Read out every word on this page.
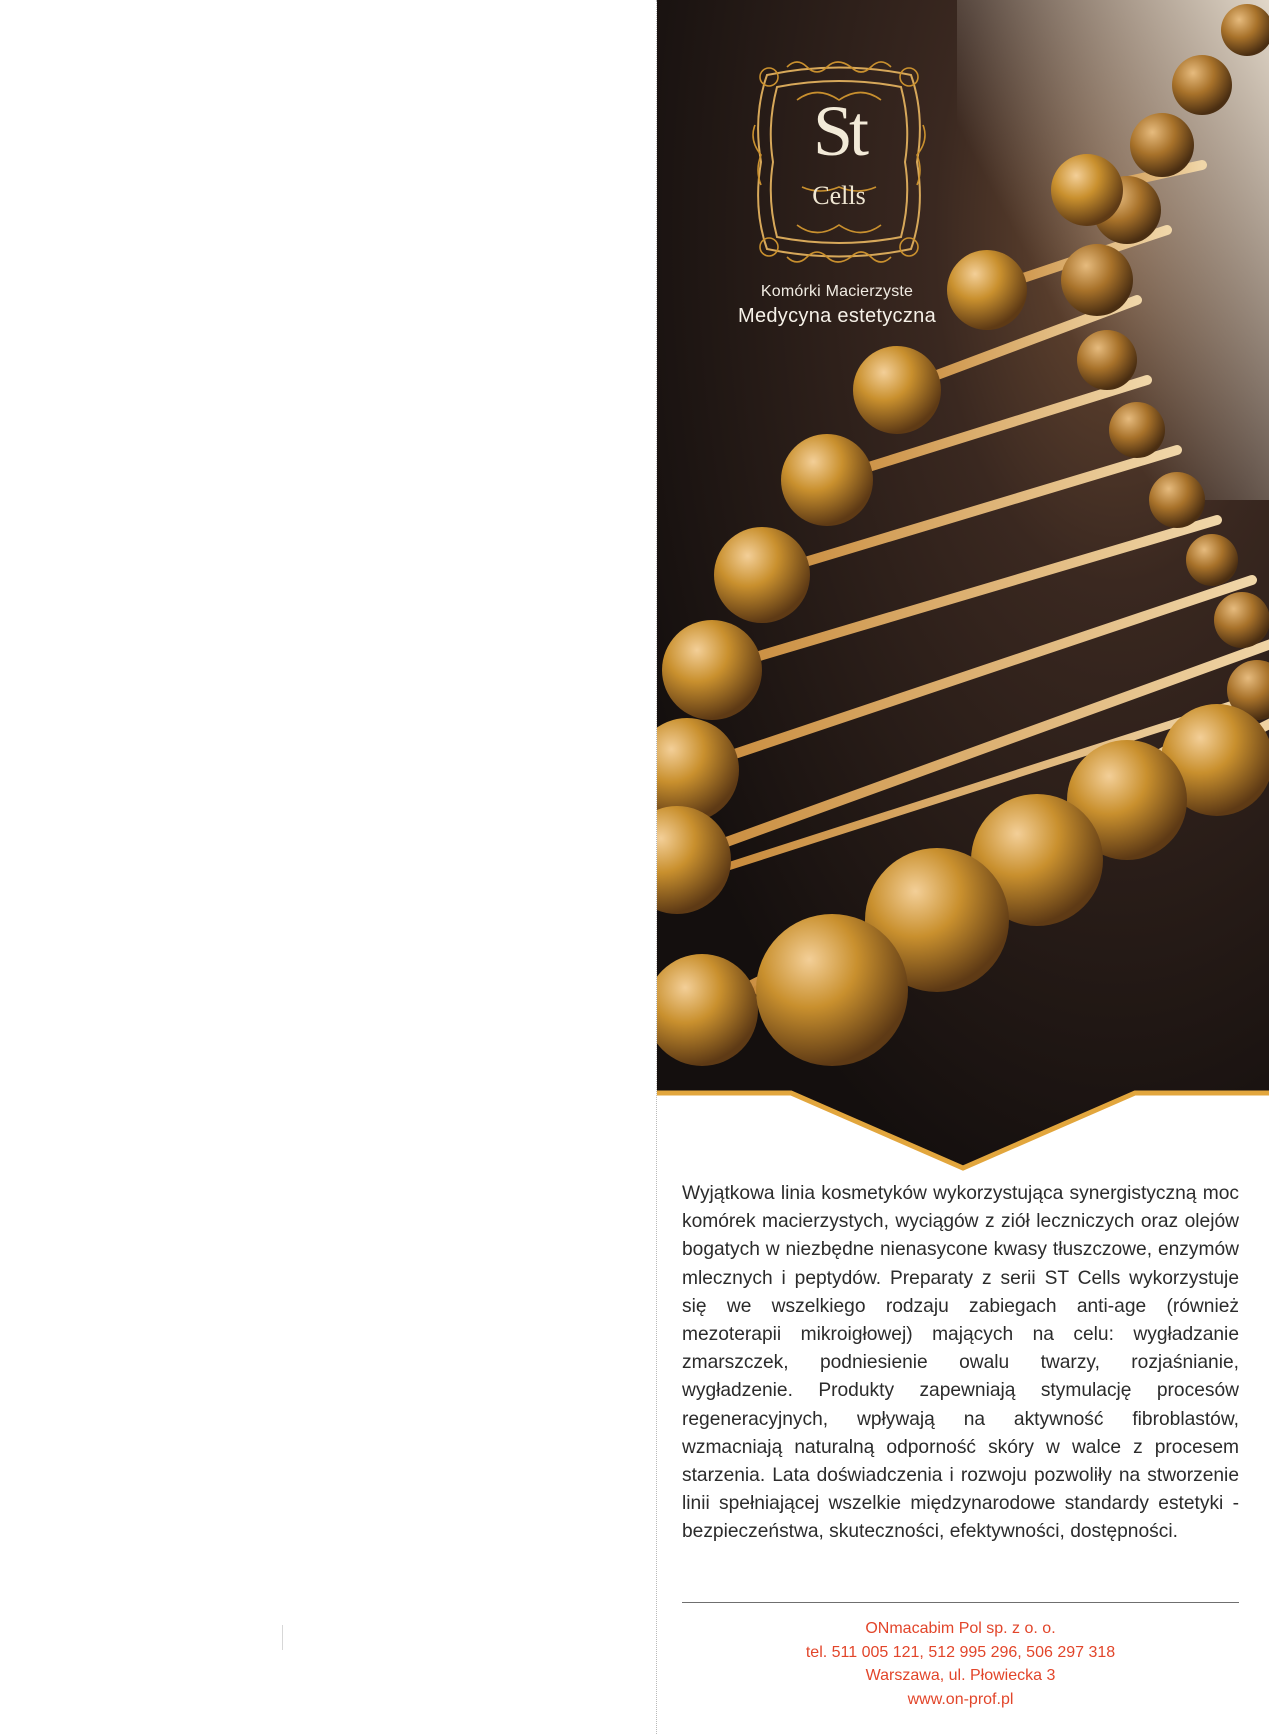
St
Cells
Komórki Macierzyste
Medycyna estetyczna

Wyjątkowa linia kosmetyków wykorzystująca synergistyczną moc komórek macierzystych, wyciągów z ziół leczniczych oraz olejów bogatych w niezbędne nienasycone kwasy tłuszczowe, enzymów mlecznych i peptydów. Preparaty z serii ST Cells wykorzystuje się we wszelkiego rodzaju zabiegach anti-age (również mezoterapii mikroigłowej) mających na celu: wygładzanie zmarszczek, podniesienie owalu twarzy, rozjaśnianie, wygładzenie. Produkty zapewniają stymulację procesów regeneracyjnych, wpływają na aktywność fibroblastów, wzmacniają naturalną odporność skóry w walce z procesem starzenia. Lata doświadczenia i rozwoju pozwoliły na stworzenie linii spełniającej wszelkie międzynarodowe standardy estetyki - bezpieczeństwa, skuteczności, efektywności, dostępności.

ONmacabim Pol sp. z o. o.
tel. 511 005 121, 512 995 296, 506 297 318
Warszawa, ul. Płowiecka 3
www.on-prof.pl
